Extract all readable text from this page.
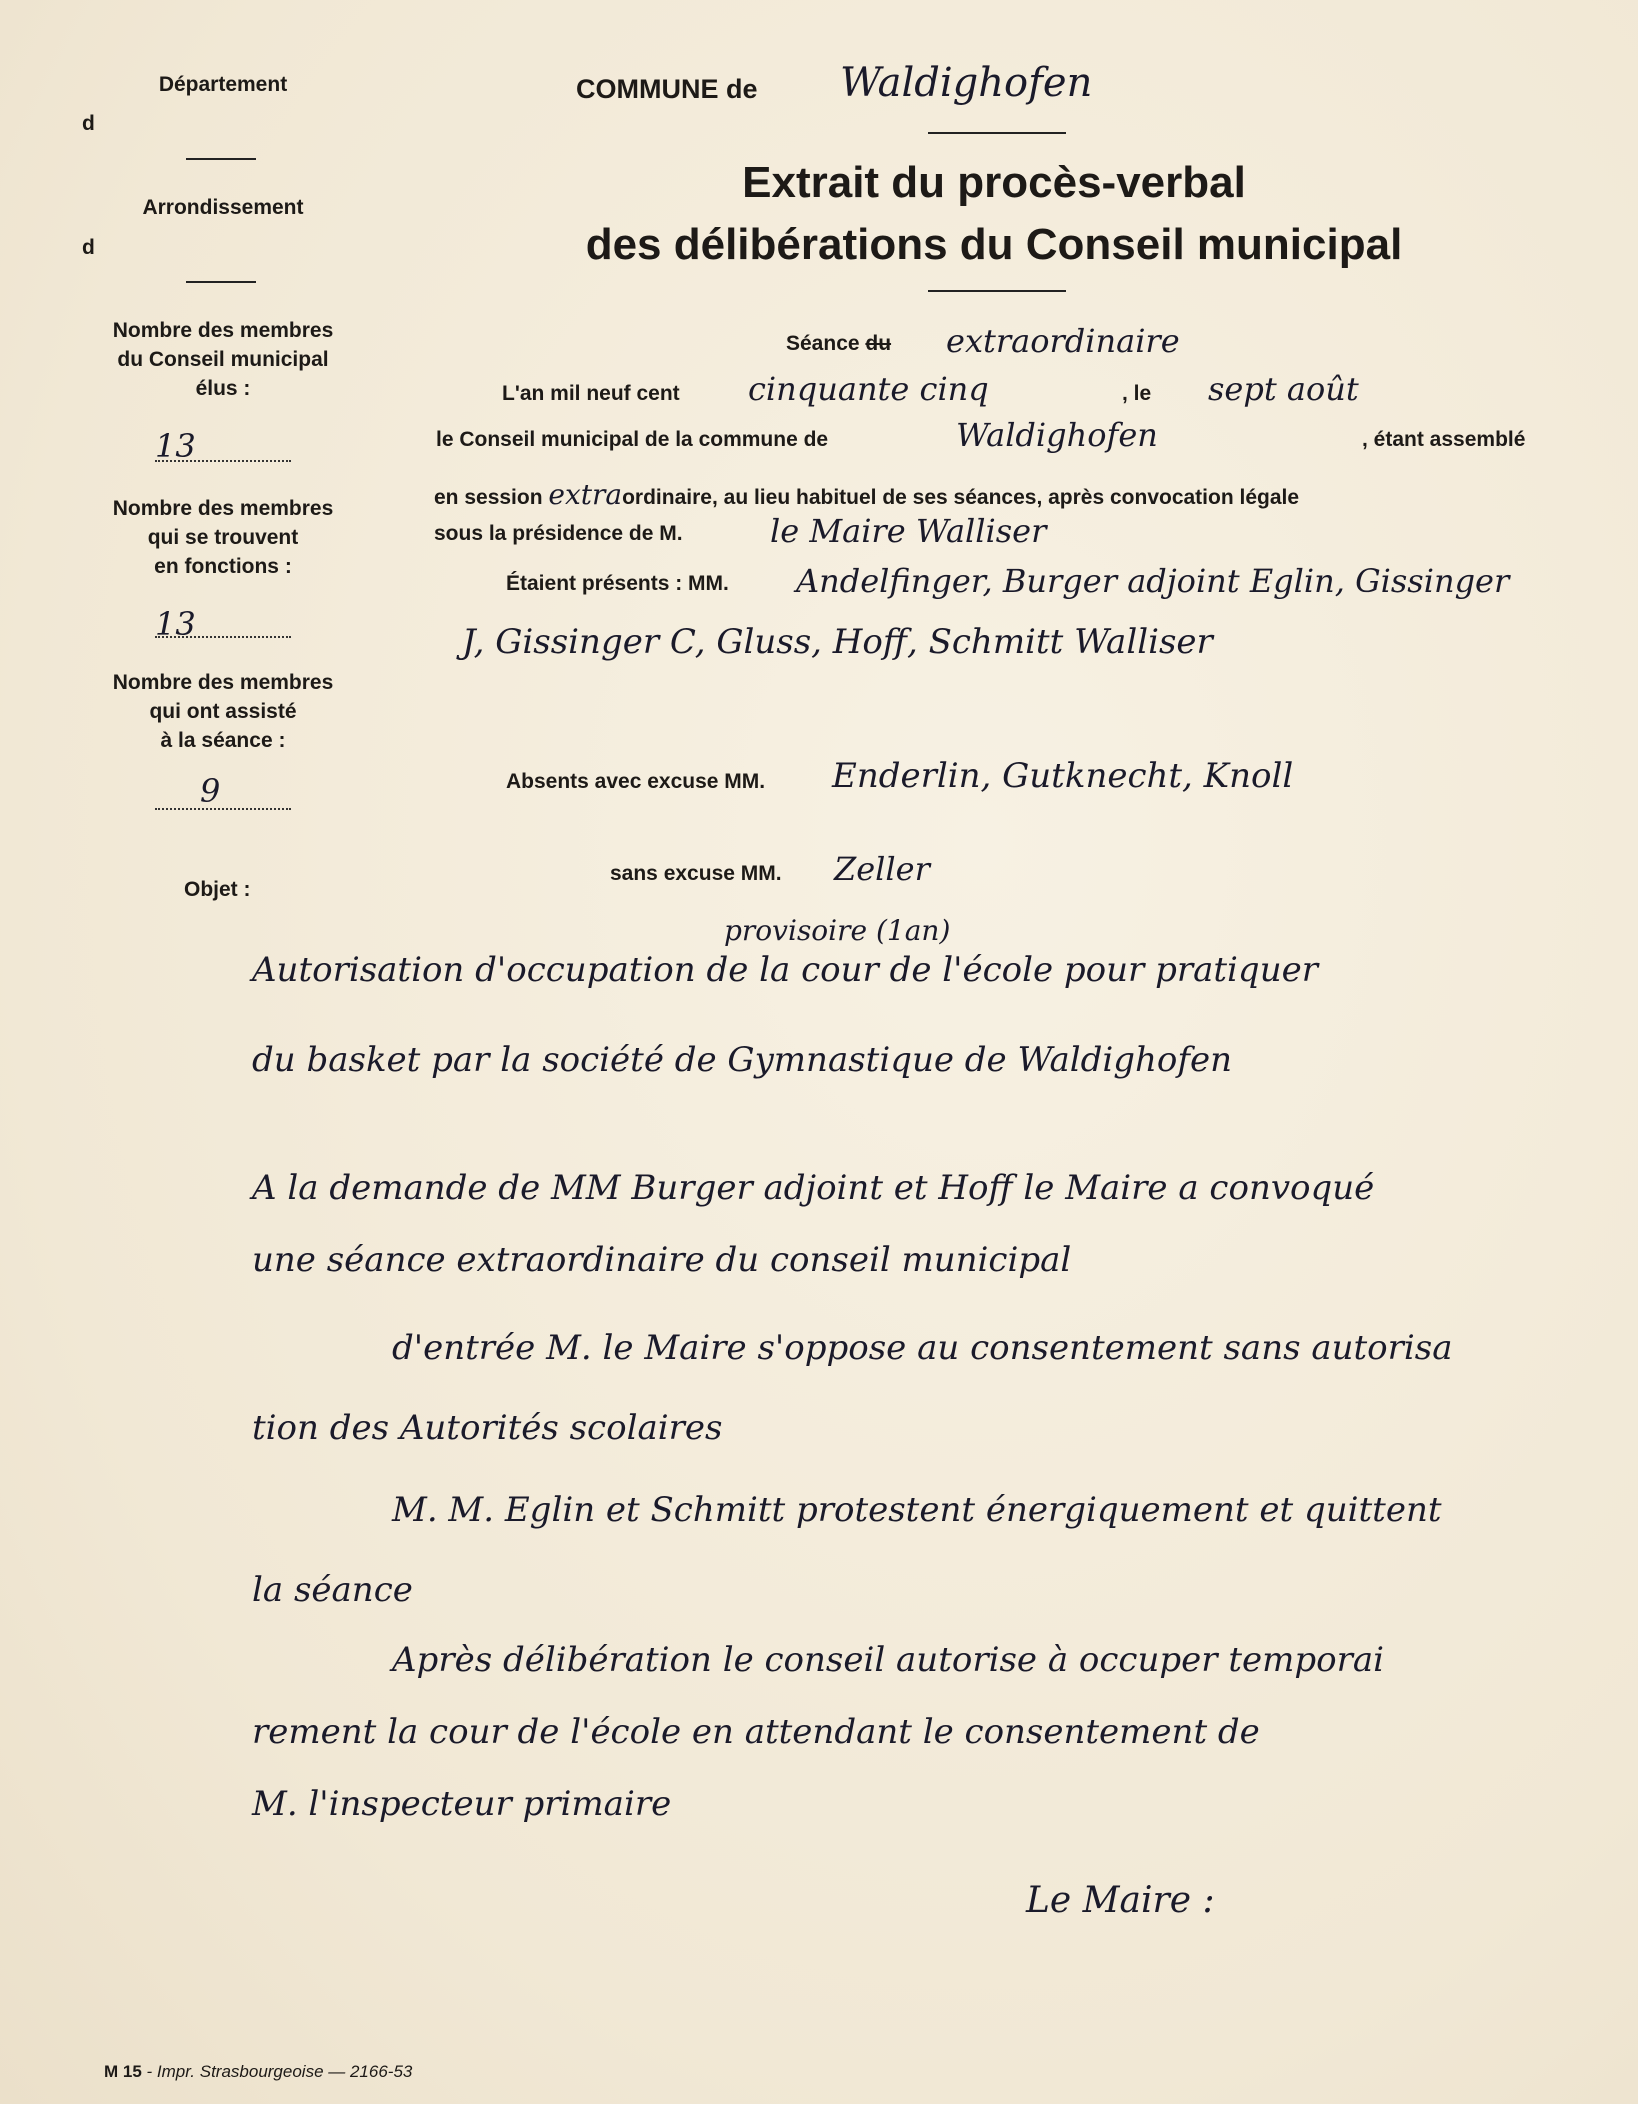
Département
d
Arrondissement
d
Nombre des membres
du Conseil municipal
élus :
13
Nombre des membres
qui se trouvent
en fonctions :
13
Nombre des membres
qui ont assisté
à la séance :
9
Objet :
COMMUNE de Waldighofen
Extrait du procès-verbal
des délibérations du Conseil municipal
Séance du extraordinaire
L'an mil neuf cent cinquante cinq	, le sept août
le Conseil municipal de la commune de	Waldighofen	, étant assemblé
en session extraordinaire, au lieu habituel de ses séances, après convocation légale
sous la présidence de M.	le Maire Walliser
Étaient présents : MM. Andelfinger, Burger adjoint Eglin, Gissinger
J, Gissinger C, Gluss, Hoff, Schmitt Walliser
Absents avec excuse MM. Enderlin, Gutknecht, Knoll
sans excuse MM. Zeller
provisoire (1an)
Autorisation d'occupation de la cour de l'école pour pratiquer
du basket par la société de Gymnastique de Waldighofen
A la demande de MM Burger adjoint et Hoff le Maire a convoqué
une séance extraordinaire du conseil municipal
d'entrée M. le Maire s'oppose au consentement sans autorisa
tion des Autorités scolaires
M. M. Eglin et Schmitt protestent énergiquement et quittent
la séance
Après délibération le conseil autorise à occuper temporai
rement la cour de l'école en attendant le consentement de
M. l'inspecteur primaire
Le Maire :
M 15 - Impr. Strasbourgeoise — 2166-53
